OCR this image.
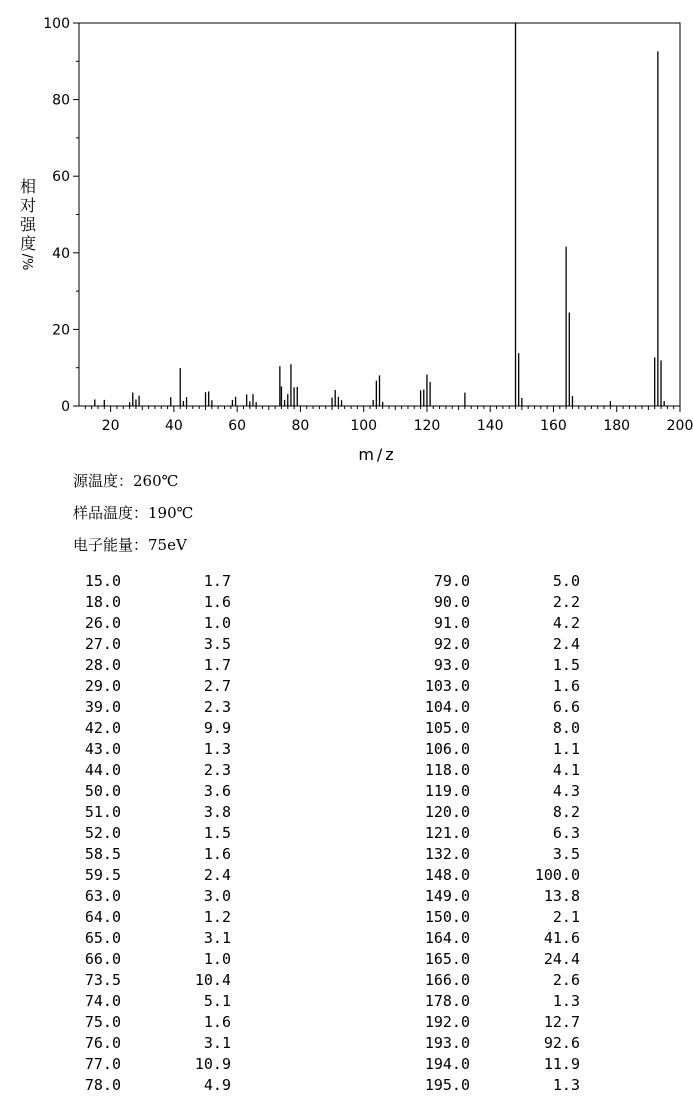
0
20
40
60
80
100
20	40	60	80	100	120	140	160	180	200
m/z
相
对
强
度
/%
源温度：260℃
样品温度：190℃
电子能量：75eV
15.0	1.7
18.0	1.6
26.0	1.0
27.0	3.5
28.0	1.7
29.0	2.7
39.0	2.3
42.0	9.9
43.0	1.3
44.0	2.3
50.0	3.6
51.0	3.8
52.0	1.5
58.5	1.6
59.5	2.4
63.0	3.0
64.0	1.2
65.0	3.1
66.0	1.0
73.5	10.4
74.0	5.1
75.0	1.6
76.0	3.1
77.0	10.9
78.0	4.9
79.0	5.0
90.0	2.2
91.0	4.2
92.0	2.4
93.0	1.5
103.0	1.6
104.0	6.6
105.0	8.0
106.0	1.1
118.0	4.1
119.0	4.3
120.0	8.2
121.0	6.3
132.0	3.5
148.0	100.0
149.0	13.8
150.0	2.1
164.0	41.6
165.0	24.4
166.0	2.6
178.0	1.3
192.0	12.7
193.0	92.6
194.0	11.9
195.0	1.3
